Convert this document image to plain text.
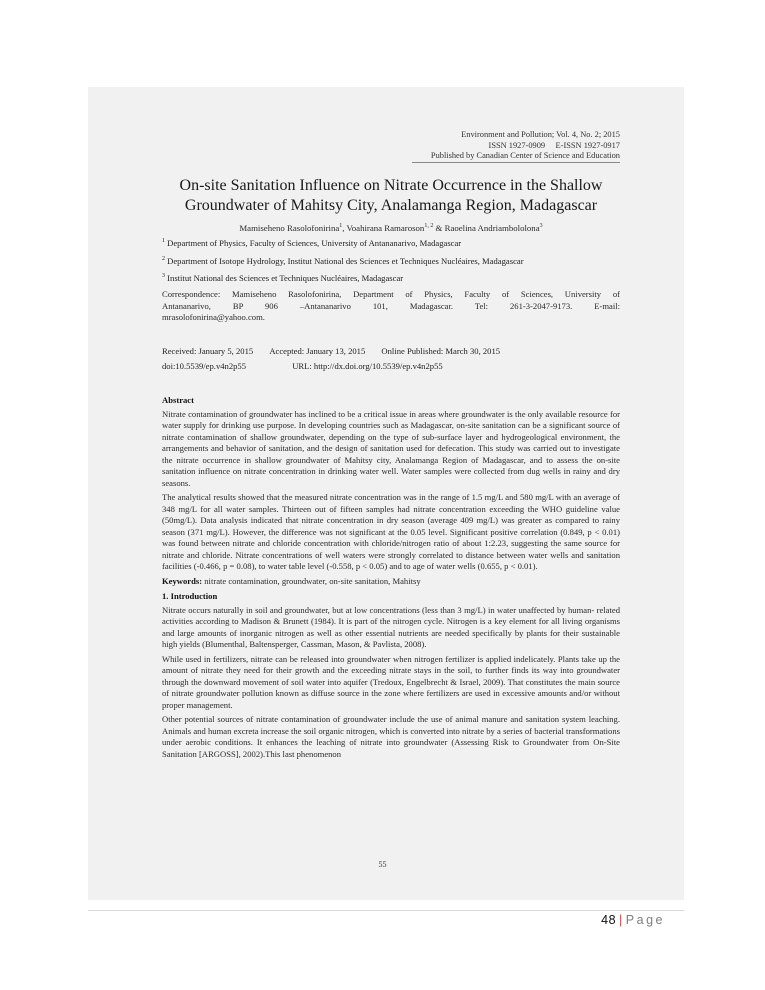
Environment and Pollution; Vol. 4, No. 2; 2015
ISSN 1927-0909     E-ISSN 1927-0917
Published by Canadian Center of Science and Education
On-site Sanitation Influence on Nitrate Occurrence in the Shallow
Groundwater of Mahitsy City, Analamanga Region, Madagascar
Mamiseheno Rasolofonirina$^1$, Voahirana Ramaroson$^{1, 2}$ & Raoelina Andriambololona$^3$
$^1$ Department of Physics, Faculty of Sciences, University of Antananarivo, Madagascar
$^2$ Department of Isotope Hydrology, Institut National des Sciences et Techniques Nucléaires, Madagascar
$^3$ Institut National des Sciences et Techniques Nucléaires, Madagascar
Correspondence: Mamiseheno Rasolofonirina, Department of Physics, Faculty of Sciences, University of
Antananarivo, BP 906 –Antananarivo 101, Madagascar. Tel: 261-3-2047-9173. E-mail:
mrasolofonirina@yahoo.com.
Received: January 5, 2015 Accepted: January 13, 2015 Online Published: March 30, 2015
doi:10.5539/ep.v4n2p55	URL: http://dx.doi.org/10.5539/ep.v4n2p55

Abstract

Nitrate contamination of groundwater has inclined to be a critical issue in areas where groundwater is the only available resource for water supply for drinking use purpose. In developing countries such as Madagascar, on-site sanitation can be a significant source of nitrate contamination of shallow groundwater, depending on the type of sub-surface layer and hydrogeological environment, the arrangements and behavior of sanitation, and the design of sanitation used for defecation. This study was carried out to investigate the nitrate occurrence in shallow groundwater of Mahitsy city, Analamanga Region of Madagascar, and to assess the on-site sanitation influence on nitrate concentration in drinking water well. Water samples were collected from dug wells in rainy and dry seasons.

The analytical results showed that the measured nitrate concentration was in the range of 1.5 mg/L and 580 mg/L with an average of 348 mg/L for all water samples. Thirteen out of fifteen samples had nitrate concentration exceeding the WHO guideline value (50mg/L). Data analysis indicated that nitrate concentration in dry season (average 409 mg/L) was greater as compared to rainy season (371 mg/L). However, the difference was not significant at the 0.05 level. Significant positive correlation (0.849, p < 0.01) was found between nitrate and chloride concentration with chloride/nitrogen ratio of about 1:2.23, suggesting the same source for nitrate and chloride. Nitrate concentrations of well waters were strongly correlated to distance between water wells and sanitation facilities (-0.466, p = 0.08), to water table level (-0.558, p < 0.05) and to age of water wells (0.655, p < 0.01).

Keywords: nitrate contamination, groundwater, on-site sanitation, Mahitsy

1. Introduction

Nitrate occurs naturally in soil and groundwater, but at low concentrations (less than 3 mg/L) in water unaffected by human- related activities according to Madison & Brunett (1984). It is part of the nitrogen cycle. Nitrogen is a key element for all living organisms and large amounts of inorganic nitrogen as well as other essential nutrients are needed specifically by plants for their sustainable high yields (Blumenthal, Baltensperger, Cassman, Mason, & Pavlista, 2008).

While used in fertilizers, nitrate can be released into groundwater when nitrogen fertilizer is applied indelicately. Plants take up the amount of nitrate they need for their growth and the exceeding nitrate stays in the soil, to further finds its way into groundwater through the downward movement of soil water into aquifer (Tredoux, Engelbrecht & Israel, 2009). That constitutes the main source of nitrate groundwater pollution known as diffuse source in the zone where fertilizers are used in excessive amounts and/or without proper management.

Other potential sources of nitrate contamination of groundwater include the use of animal manure and sanitation system leaching. Animals and human excreta increase the soil organic nitrogen, which is converted into nitrate by a series of bacterial transformations under aerobic conditions. It enhances the leaching of nitrate into groundwater (Assessing Risk to Groundwater from On-Site Sanitation [ARGOSS], 2002).This last phenomenon

55
48 | Page
